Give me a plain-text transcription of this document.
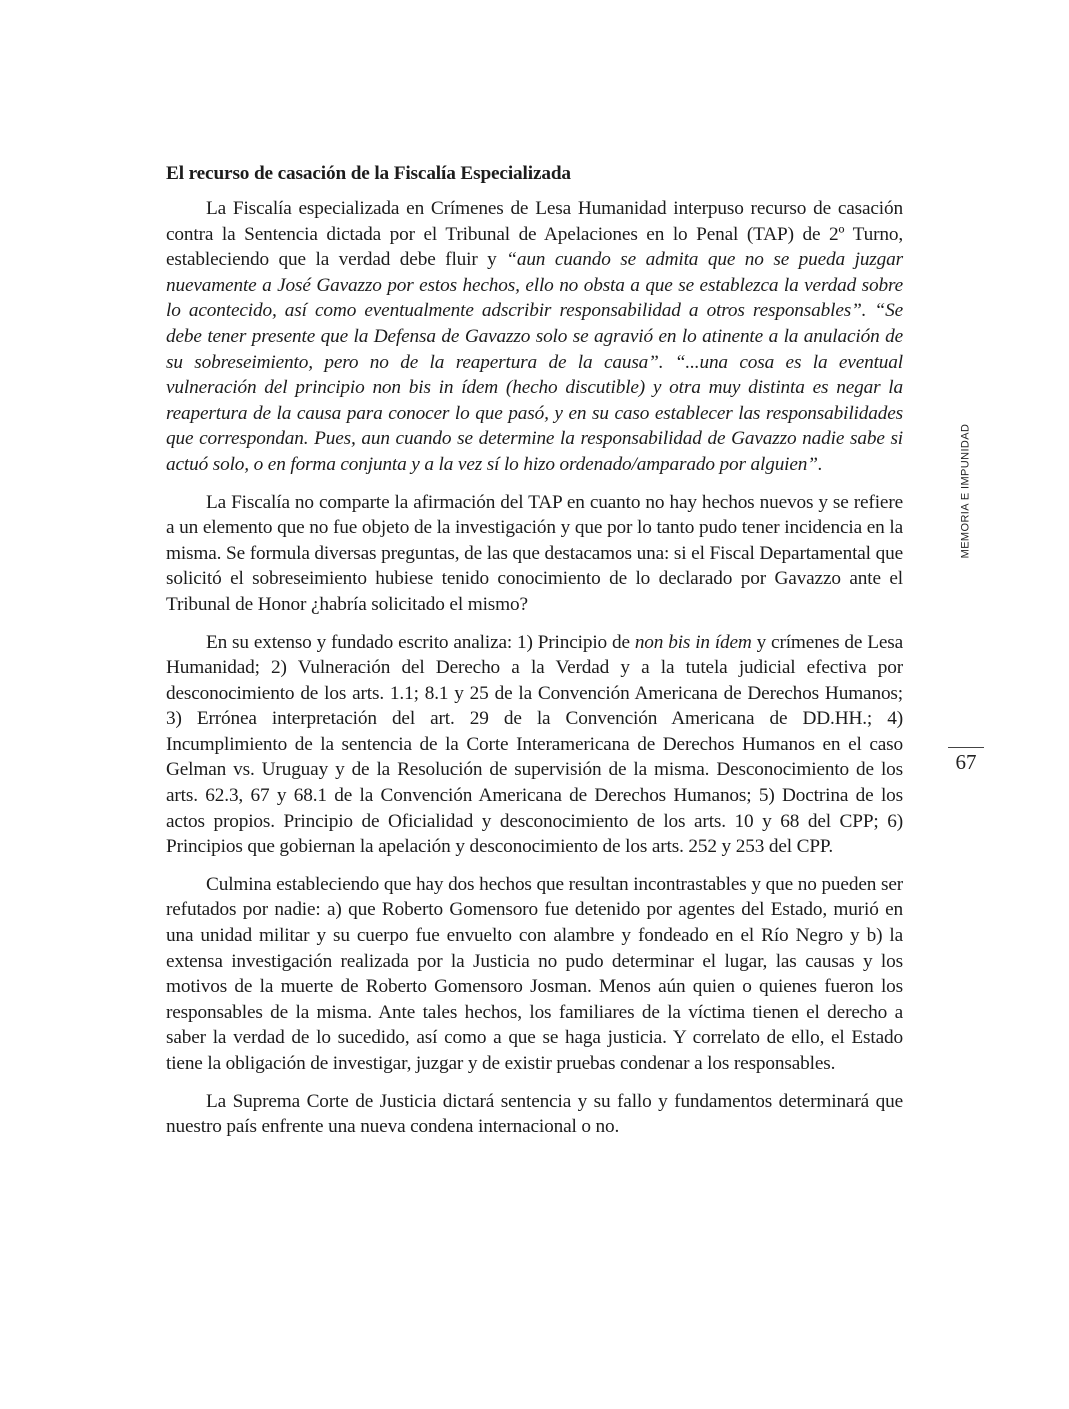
El recurso de casación de la Fiscalía Especializada

La Fiscalía especializada en Crímenes de Lesa Humanidad interpuso recurso de casación contra la Sentencia dictada por el Tribunal de Apelaciones en lo Penal (TAP) de 2º Turno, estableciendo que la verdad debe fluir y “aun cuando se admita que no se pueda juzgar nuevamente a José Gavazzo por estos hechos, ello no obsta a que se establezca la verdad sobre lo acontecido, así como eventualmente adscribir responsabilidad a otros responsables”. “Se debe tener presente que la Defensa de Gavazzo solo se agravió en lo atinente a la anulación de su sobreseimiento, pero no de la reapertura de la causa”. “...una cosa es la eventual vulneración del principio non bis in ídem (hecho discutible) y otra muy distinta es negar la reapertura de la causa para conocer lo que pasó, y en su caso establecer las responsabilidades que correspondan. Pues, aun cuando se determine la responsabilidad de Gavazzo nadie sabe si actuó solo, o en forma conjunta y a la vez sí lo hizo ordenado/amparado por alguien”.

La Fiscalía no comparte la afirmación del TAP en cuanto no hay hechos nuevos y se refiere a un elemento que no fue objeto de la investigación y que por lo tanto pudo tener incidencia en la misma. Se formula diversas preguntas, de las que destacamos una: si el Fiscal Departamental que solicitó el sobreseimiento hubiese tenido conocimiento de lo declarado por Gavazzo ante el Tribunal de Honor ¿habría solicitado el mismo?

En su extenso y fundado escrito analiza: 1) Principio de non bis in ídem y crímenes de Lesa Humanidad; 2) Vulneración del Derecho a la Verdad y a la tutela judicial efectiva por desconocimiento de los arts. 1.1; 8.1 y 25 de la Convención Americana de Derechos Humanos; 3) Errónea interpretación del art. 29 de la Convención Americana de DD.HH.; 4) Incumplimiento de la sentencia de la Corte Interamericana de Derechos Humanos en el caso Gelman vs. Uruguay y de la Resolución de supervisión de la misma. Desconocimiento de los arts. 62.3, 67 y 68.1 de la Convención Americana de Derechos Humanos; 5) Doctrina de los actos propios. Principio de Oficialidad y desconocimiento de los arts. 10 y 68 del CPP; 6) Principios que gobiernan la apelación y desconocimiento de los arts. 252 y 253 del CPP.

Culmina estableciendo que hay dos hechos que resultan incontrastables y que no pueden ser refutados por nadie: a) que Roberto Gomensoro fue detenido por agentes del Estado, murió en una unidad militar y su cuerpo fue envuelto con alambre y fondeado en el Río Negro y b) la extensa investigación realizada por la Justicia no pudo determinar el lugar, las causas y los motivos de la muerte de Roberto Gomensoro Josman. Menos aún quien o quienes fueron los responsables de la misma. Ante tales hechos, los familiares de la víctima tienen el derecho a saber la verdad de lo sucedido, así como a que se haga justicia. Y correlato de ello, el Estado tiene la obligación de investigar, juzgar y de existir pruebas condenar a los responsables.

La Suprema Corte de Justicia dictará sentencia y su fallo y fundamentos determinará que nuestro país enfrente una nueva condena internacional o no.

MEMORIA E IMPUNIDAD
67
